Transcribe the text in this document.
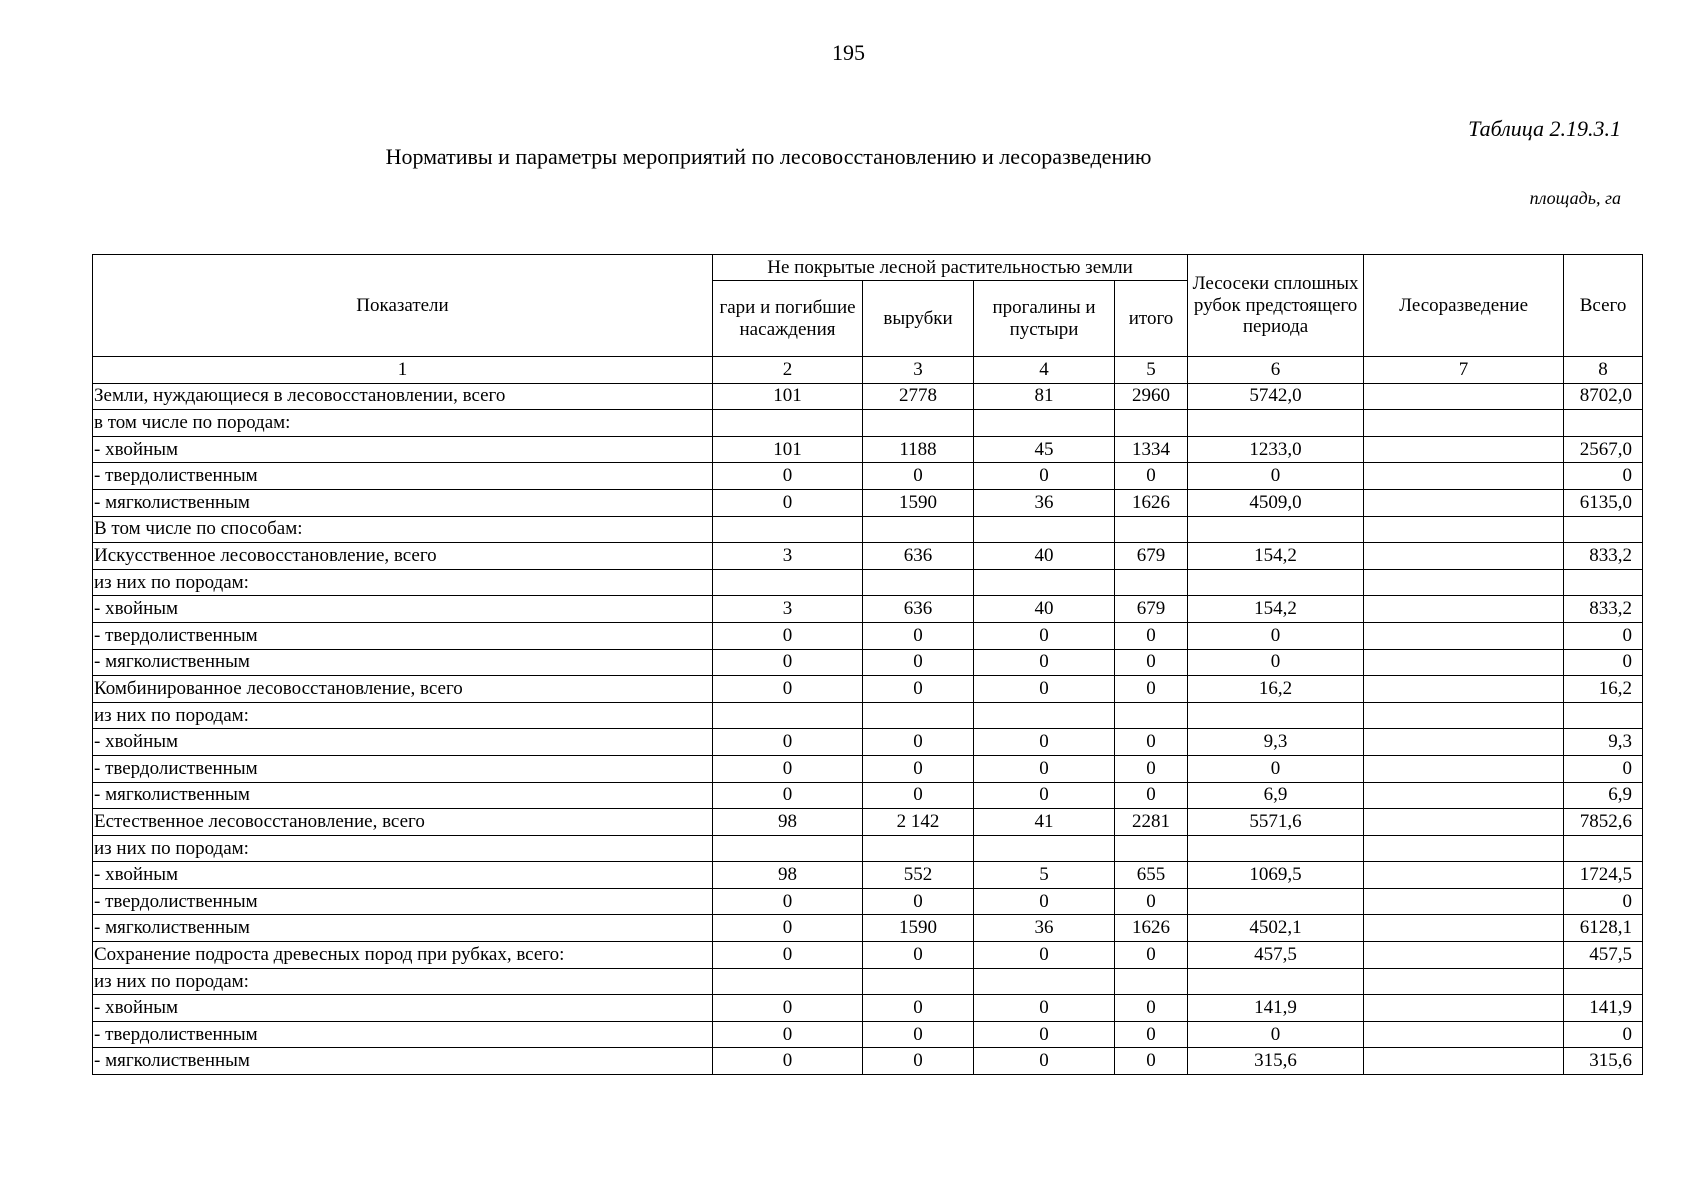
195
Таблица 2.19.3.1
Нормативы и параметры мероприятий по лесовосстановлению и лесоразведению
площадь, га
Показатели	Не покрытые лесной растительностью земли				Лесосеки сплошных рубок предстоящего периода	Лесоразведение	Всего
	гари и погибшие насаждения	вырубки	прогалины и пустыри	итого			
1	2	3	4	5	6	7	8
Земли, нуждающиеся в лесовосстановлении, всего	101	2778	81	2960	5742,0		8702,0
в том числе по породам:							
- хвойным	101	1188	45	1334	1233,0		2567,0
- твердолиственным	0	0	0	0	0		0
- мягколиственным	0	1590	36	1626	4509,0		6135,0
В том числе по способам:							
Искусственное лесовосстановление, всего	3	636	40	679	154,2		833,2
из них по породам:							
- хвойным	3	636	40	679	154,2		833,2
- твердолиственным	0	0	0	0	0		0
- мягколиственным	0	0	0	0	0		0
Комбинированное лесовосстановление, всего	0	0	0	0	16,2		16,2
из них по породам:							
- хвойным	0	0	0	0	9,3		9,3
- твердолиственным	0	0	0	0	0		0
- мягколиственным	0	0	0	0	6,9		6,9
Естественное лесовосстановление, всего	98	2 142	41	2281	5571,6		7852,6
из них по породам:							
- хвойным	98	552	5	655	1069,5		1724,5
- твердолиственным	0	0	0	0			0
- мягколиственным	0	1590	36	1626	4502,1		6128,1
Сохранение подроста древесных пород при рубках, всего:	0	0	0	0	457,5		457,5
из них по породам:							
- хвойным	0	0	0	0	141,9		141,9
- твердолиственным	0	0	0	0	0		0
- мягколиственным	0	0	0	0	315,6		315,6
